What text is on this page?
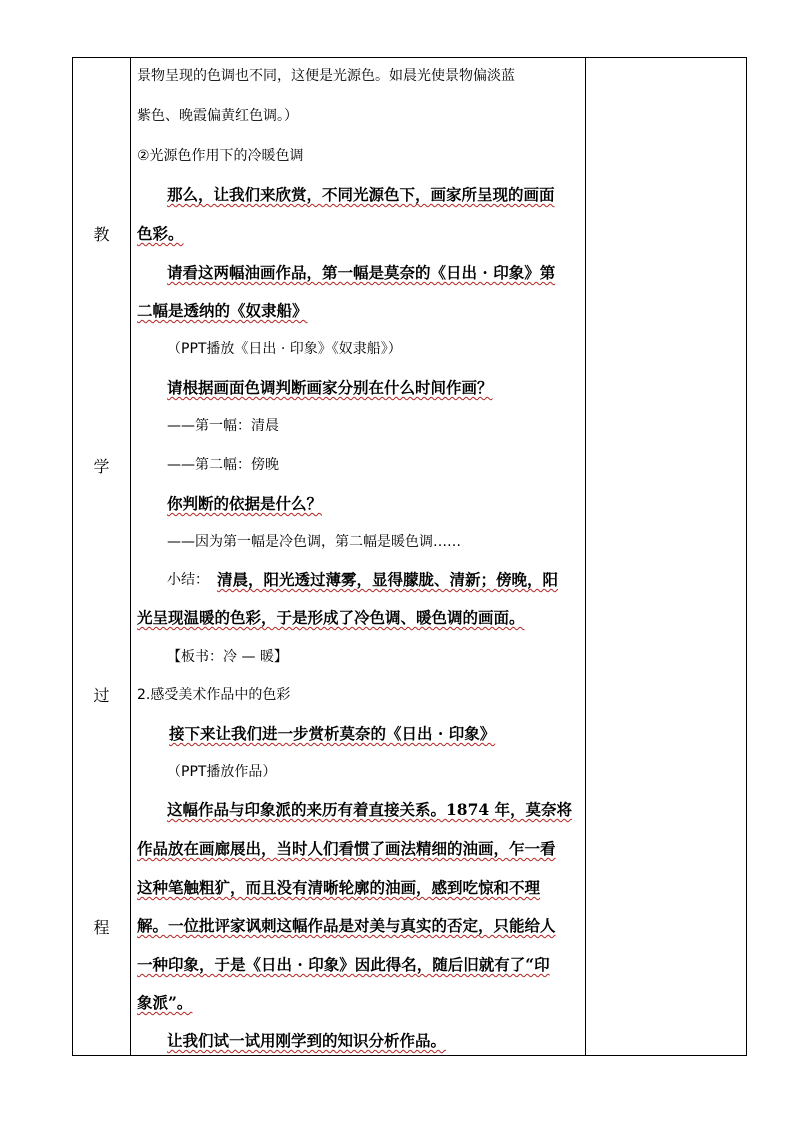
教
学
过
程
景物呈现的色调也不同，这便是光源色。如晨光使景物偏淡蓝
紫色、晚霞偏黄红色调。）
②光源色作用下的冷暖色调
那么，让我们来欣赏，不同光源色下，画家所呈现的画面
色彩。
请看这两幅油画作品，第一幅是莫奈的《日出 · 印象》第
二幅是透纳的《奴隶船》
（PPT播放《日出 · 印象》《奴隶船》）
请根据画面色调判断画家分别在什么时间作画？
——第一幅：清晨
——第二幅：傍晚
你判断的依据是什么？
——因为第一幅是冷色调，第二幅是暖色调……
小结： 清晨，阳光透过薄雾，显得朦胧、清新；傍晚，阳
光呈现温暖的色彩，于是形成了冷色调、暖色调的画面。
【板书：冷 — 暖】
2.感受美术作品中的色彩
接下来让我们进一步赏析莫奈的《日出 · 印象》
（PPT播放作品）
这幅作品与印象派的来历有着直接关系。1874 年，莫奈将
作品放在画廊展出，当时人们看惯了画法精细的油画，乍一看
这种笔触粗犷，而且没有清晰轮廓的油画，感到吃惊和不理
解。一位批评家讽刺这幅作品是对美与真实的否定，只能给人
一种印象，于是《日出 · 印象》因此得名，随后旧就有了“印
象派”。
让我们试一试用刚学到的知识分析作品。
